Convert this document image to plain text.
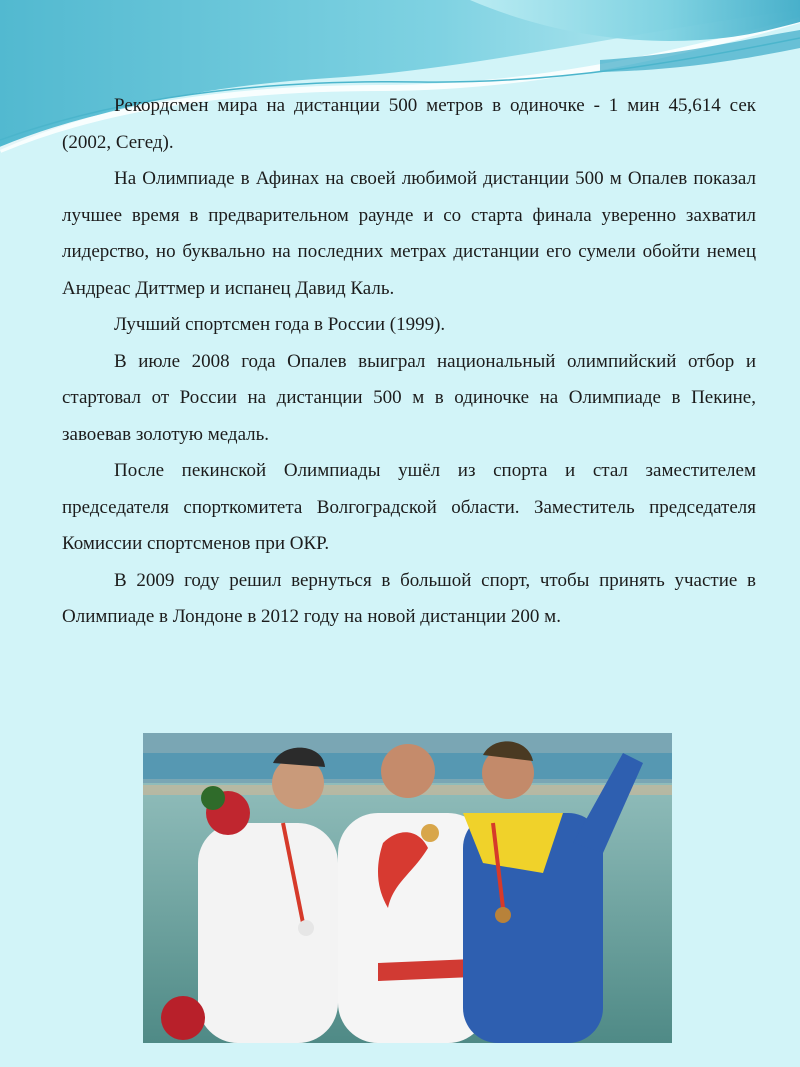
Рекордсмен мира на дистанции 500 метров в одиночке - 1 мин 45,614 сек (2002, Сегед).

На Олимпиаде в Афинах на своей любимой дистанции 500 м Опалев показал лучшее время в предварительном раунде и со старта финала уверенно захватил лидерство, но буквально на последних метрах дистанции его сумели обойти немец Андреас Диттмер и испанец Давид Каль.

Лучший спортсмен года в России (1999).

В июле 2008 года Опалев выиграл национальный олимпийский отбор и стартовал от России на дистанции 500 м в одиночке на Олимпиаде в Пекине, завоевав золотую медаль.

После пекинской Олимпиады ушёл из спорта и стал заместителем председателя спорткомитета Волгоградской области. Заместитель председателя Комиссии спортсменов при ОКР.

В 2009 году решил вернуться в большой спорт, чтобы принять участие в Олимпиаде в Лондоне в 2012 году на новой дистанции 200 м.
